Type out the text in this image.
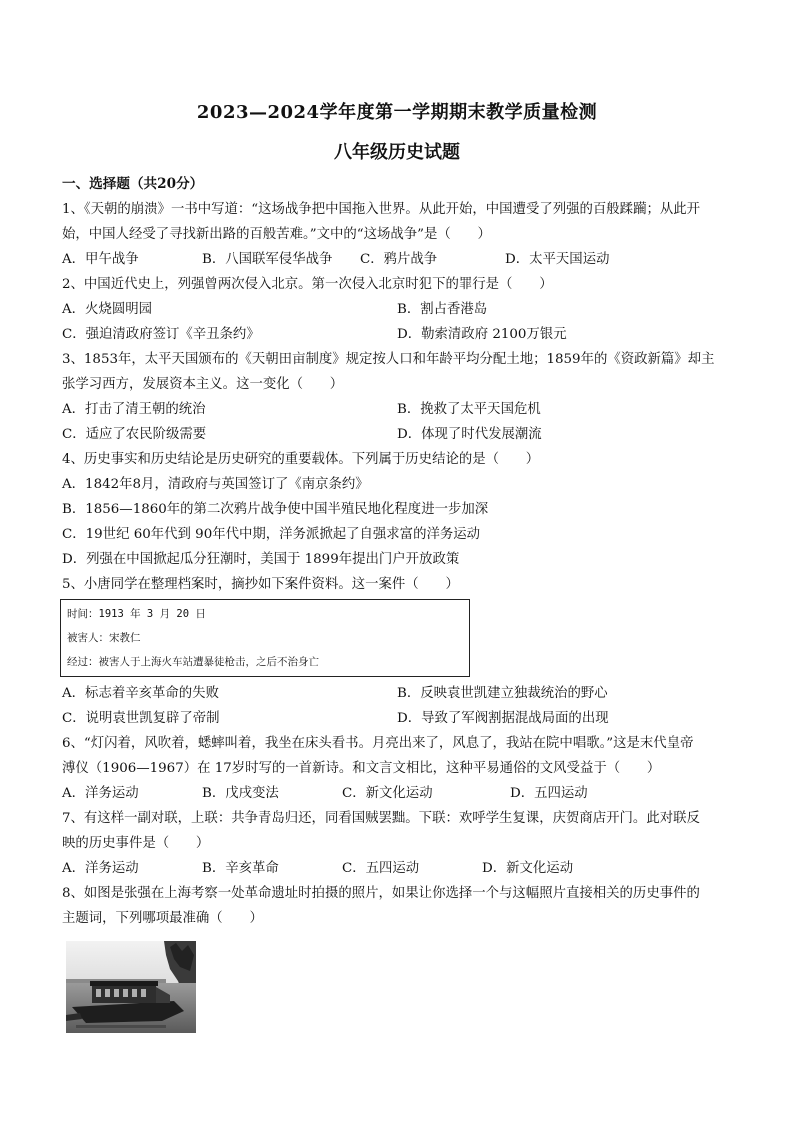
2023—2024学年度第一学期期末教学质量检测
八年级历史试题
一、选择题（共20分）
1、《天朝的崩溃》一书中写道：“这场战争把中国拖入世界。从此开始，中国遭受了列强的百般蹂躏；从此开
始，中国人经受了寻找新出路的百般苦难。”文中的“这场战争”是（　　）
A．甲午战争	B．八国联军侵华战争	C．鸦片战争	D．太平天国运动
2、中国近代史上，列强曾两次侵入北京。第一次侵入北京时犯下的罪行是（　　）
A．火烧圆明园	B．割占香港岛
C．强迫清政府签订《辛丑条约》	D．勒索清政府 2100万银元
3、1853年，太平天国颁布的《天朝田亩制度》规定按人口和年龄平均分配土地；1859年的《资政新篇》却主
张学习西方，发展资本主义。这一变化（　　）
A．打击了清王朝的统治	B．挽救了太平天国危机
C．适应了农民阶级需要	D．体现了时代发展潮流
4、历史事实和历史结论是历史研究的重要载体。下列属于历史结论的是（　　）
A．1842年8月，清政府与英国签订了《南京条约》
B．1856—1860年的第二次鸦片战争使中国半殖民地化程度进一步加深
C．19世纪 60年代到 90年代中期，洋务派掀起了自强求富的洋务运动
D．列强在中国掀起瓜分狂潮时，美国于 1899年提出门户开放政策
5、小唐同学在整理档案时，摘抄如下案件资料。这一案件（　　）
时间：1913 年 3 月 20 日
被害人：宋教仁
经过：被害人于上海火车站遭暴徒枪击，之后不治身亡
A．标志着辛亥革命的失败	B．反映袁世凯建立独裁统治的野心
C．说明袁世凯复辟了帝制	D．导致了军阀割据混战局面的出现
6、“灯闪着，风吹着，蟋蟀叫着，我坐在床头看书。月亮出来了，风息了，我站在院中唱歌。”这是末代皇帝
溥仪（1906—1967）在 17岁时写的一首新诗。和文言文相比，这种平易通俗的文风受益于（　　）
A．洋务运动	B．戊戌变法	C．新文化运动	D．五四运动
7、有这样一副对联，上联：共争青岛归还，同看国贼罢黜。下联：欢呼学生复课，庆贺商店开门。此对联反
映的历史事件是（　　）
A．洋务运动	B．辛亥革命	C．五四运动	D．新文化运动
8、如图是张强在上海考察一处革命遗址时拍摄的照片，如果让你选择一个与这幅照片直接相关的历史事件的
主题词，下列哪项最准确（　　）
